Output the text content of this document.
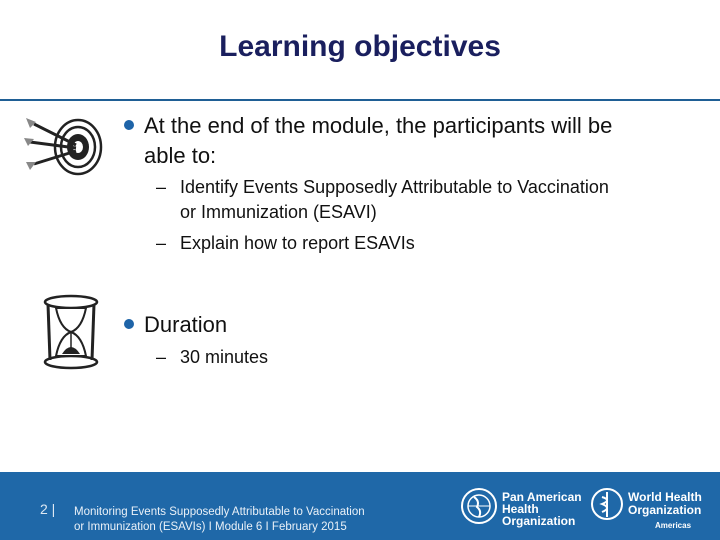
Learning objectives
At the end of the module, the participants will be
able to:
– Identify Events Supposedly Attributable to Vaccination
or Immunization (ESAVI)
– Explain how to report ESAVIs
Duration
– 30 minutes
2 | Monitoring Events Supposedly Attributable to Vaccination
or Immunization (ESAVIs) I Module 6 I February 2015
Pan American
Health
Organization
World Health
Organization
Americas
